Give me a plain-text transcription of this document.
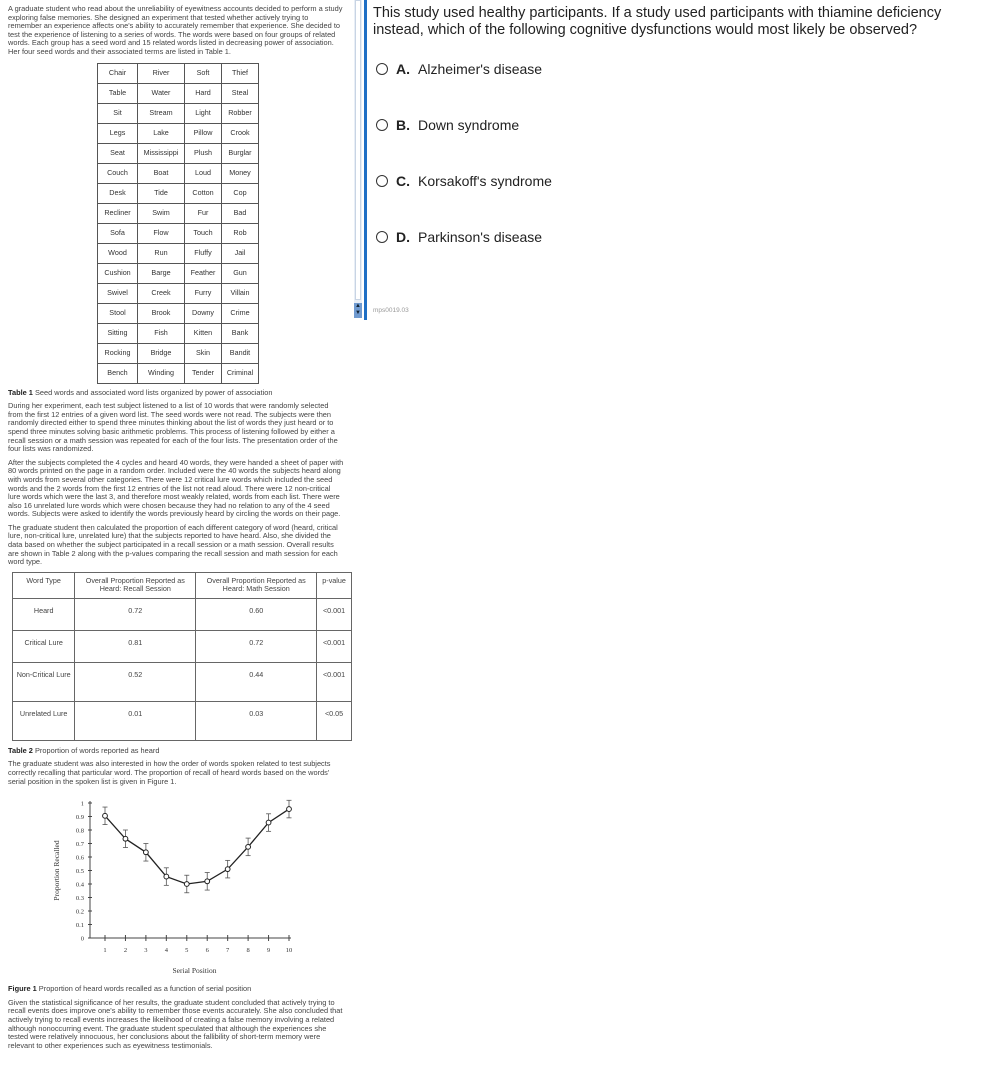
A graduate student who read about the unreliability of eyewitness accounts decided to perform a study exploring false memories. She designed an experiment that tested whether actively trying to remember an experience affects one's ability to accurately remember that experience. She decided to test the experience of listening to a series of words. The words were based on four groups of related words. Each group has a seed word and 15 related words listed in decreasing power of association. Her four seed words and their associated terms are listed in Table 1.

Chair	River	Soft	Thief
Table	Water	Hard	Steal
Sit	Stream	Light	Robber
Legs	Lake	Pillow	Crook
Seat	Mississippi	Plush	Burglar
Couch	Boat	Loud	Money
Desk	Tide	Cotton	Cop
Recliner	Swim	Fur	Bad
Sofa	Flow	Touch	Rob
Wood	Run	Fluffy	Jail
Cushion	Barge	Feather	Gun
Swivel	Creek	Furry	Villain
Stool	Brook	Downy	Crime
Sitting	Fish	Kitten	Bank
Rocking	Bridge	Skin	Bandit
Bench	Winding	Tender	Criminal

Table 1 Seed words and associated word lists organized by power of association

During her experiment, each test subject listened to a list of 10 words that were randomly selected from the first 12 entries of a given word list. The seed words were not read. The subjects were then randomly directed either to spend three minutes thinking about the list of words they just heard or to spend three minutes solving basic arithmetic problems. This process of listening followed by either a recall session or a math session was repeated for each of the four lists. The presentation order of the four lists was randomized.

After the subjects completed the 4 cycles and heard 40 words, they were handed a sheet of paper with 80 words printed on the page in a random order. Included were the 40 words the subjects heard along with words from several other categories. There were 12 critical lure words which included the seed words and the 2 words from the first 12 entries of the list not read aloud. There were 12 non-critical lure words which were the last 3, and therefore most weakly related, words from each list. There were also 16 unrelated lure words which were chosen because they had no relation to any of the 4 seed words. Subjects were asked to identify the words previously heard by circling the words on their page.

The graduate student then calculated the proportion of each different category of word (heard, critical lure, non-critical lure, unrelated lure) that the subjects reported to have heard. Also, she divided the data based on whether the subject participated in a recall session or a math session. Overall results are shown in Table 2 along with the p-values comparing the recall session and math session for each word type.

Word Type	Overall Proportion Reported as Heard: Recall Session	Overall Proportion Reported as Heard: Math Session	p-value
Heard	0.72	0.60	<0.001
Critical Lure	0.81	0.72	<0.001
Non-Critical Lure	0.52	0.44	<0.001
Unrelated Lure	0.01	0.03	<0.05

Table 2 Proportion of words reported as heard

The graduate student was also interested in how the order of words spoken related to test subjects correctly recalling that particular word. The proportion of recall of heard words based on the words' serial position in the spoken list is given in Figure 1.

0
0.1
0.2
0.3
0.4
0.5
0.6
0.7
0.8
0.9
1
1	2	3	4	5	6	7	8	9 10
Serial Position
Proportion Recalled

Figure 1 Proportion of heard words recalled as a function of serial position

Given the statistical significance of her results, the graduate student concluded that actively trying to recall events does improve one's ability to remember those events accurately. She also concluded that actively trying to recall events increases the likelihood of creating a false memory involving a related although nonoccurring event. The graduate student speculated that although the experiences she tested were relatively innocuous, her conclusions about the fallibility of short-term memory were relevant to other experiences such as eyewitness testimonials.

▲
▼ mps0019.03
This study used healthy participants. If a study used participants with thiamine deficiency instead, which of the following cognitive dysfunctions would most likely be observed?
A. Alzheimer's disease
B. Down syndrome
C. Korsakoff's syndrome
D. Parkinson's disease
